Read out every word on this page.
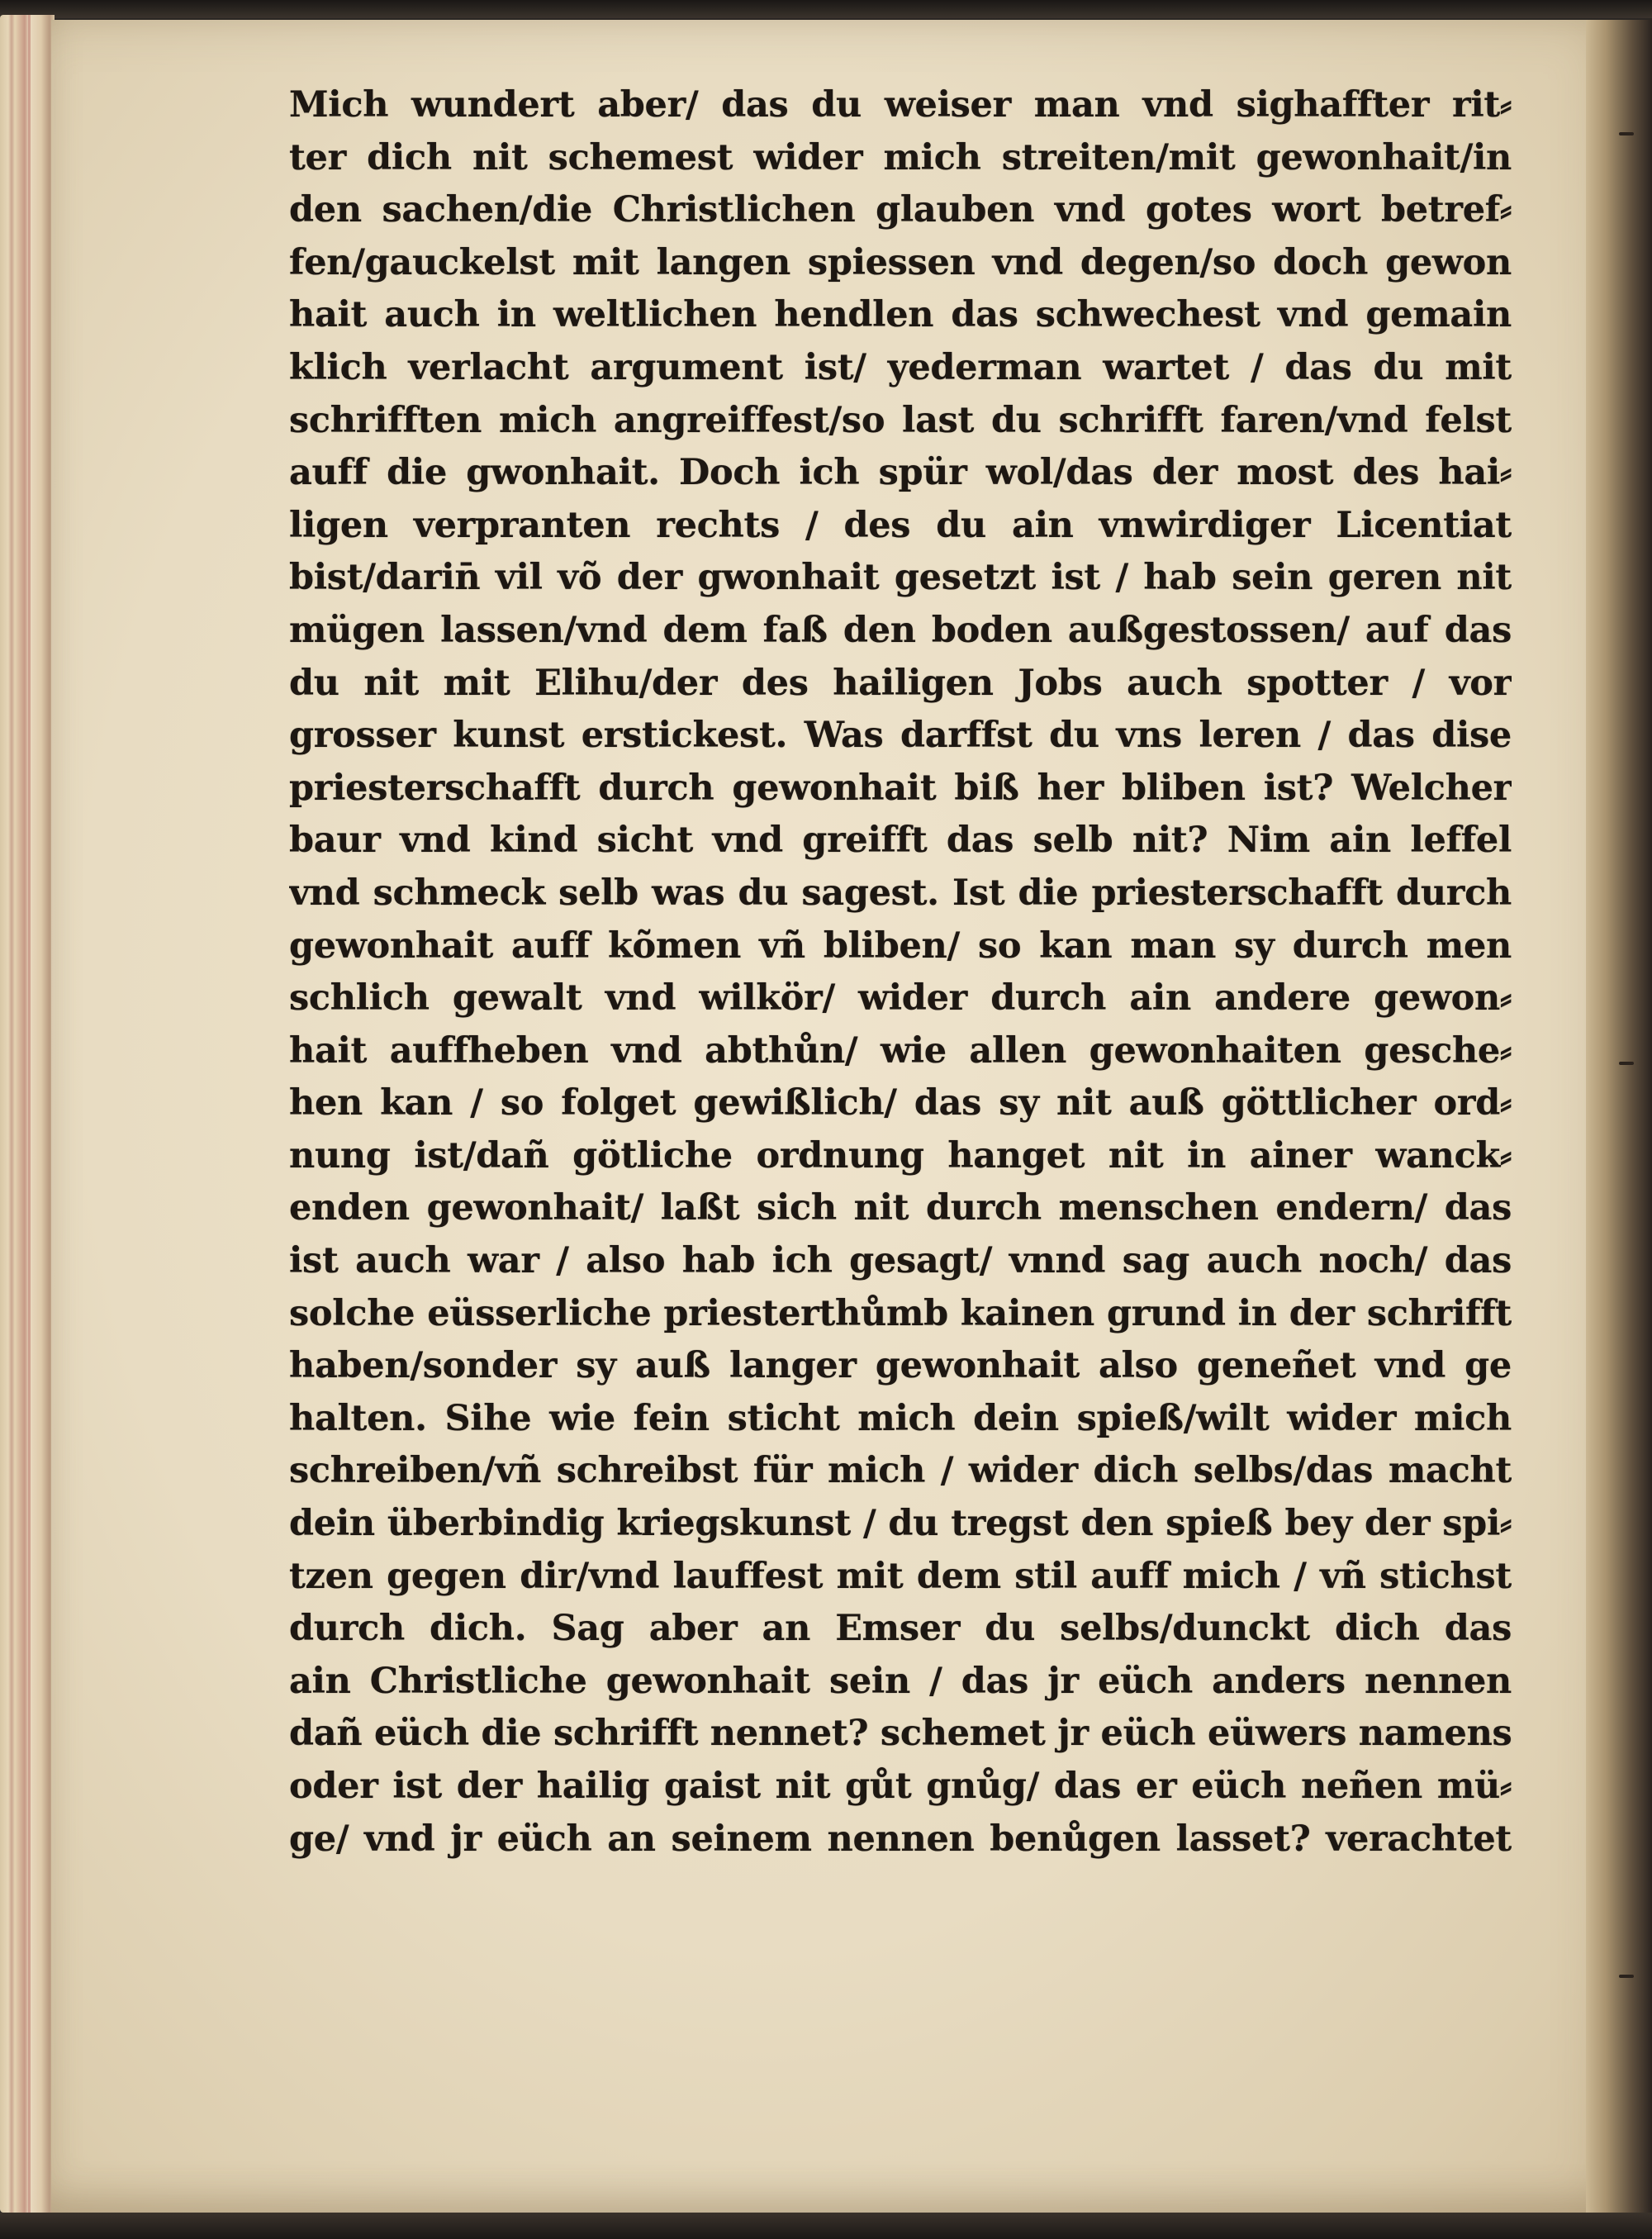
Mich wundert aber/ das du weiser man vnd sighaffter rit⸗
ter dich nit schemest wider mich streiten/mit gewonhait/in
den sachen/die Christlichen glauben vnd gotes wort betref⸗
fen/gauckelst mit langen spiessen vnd degen/so doch gewon
hait auch in weltlichen hendlen das schwechest vnd gemain
klich verlacht argument ist/ yederman wartet / das du mit
schrifften mich angreiffest/so last du schrifft faren/vnd felst
auff die gwonhait. Doch ich spür wol/das der most des hai⸗
ligen verpranten rechts / des du ain vnwirdiger Licentiat
bist/darin̄ vil võ der gwonhait gesetzt ist / hab sein geren nit
mügen lassen/vnd dem faß den boden außgestossen/ auf das
du nit mit Elihu/der des hailigen Jobs auch spotter / vor
grosser kunst erstickest. Was darffst du vns leren / das dise
priesterschafft durch gewonhait biß her bliben ist? Welcher
baur vnd kind sicht vnd greifft das selb nit? Nim ain leffel
vnd schmeck selb was du sagest. Ist die priesterschafft durch
gewonhait auff kõmen vñ bliben/ so kan man sy durch men
schlich gewalt vnd wilkör/ wider durch ain andere gewon⸗
hait auffheben vnd abthůn/ wie allen gewonhaiten gesche⸗
hen kan / so folget gewißlich/ das sy nit auß göttlicher ord⸗
nung ist/dañ götliche ordnung hanget nit in ainer wanck⸗
enden gewonhait/ laßt sich nit durch menschen endern/ das
ist auch war / also hab ich gesagt/ vnnd sag auch noch/ das
solche eüsserliche priesterthůmb kainen grund in der schrifft
haben/sonder sy auß langer gewonhait also geneñet vnd ge
halten. Sihe wie fein sticht mich dein spieß/wilt wider mich
schreiben/vñ schreibst für mich / wider dich selbs/das macht
dein überbindig kriegskunst / du tregst den spieß bey der spi⸗
tzen gegen dir/vnd lauffest mit dem stil auff mich / vñ stichst
durch dich. Sag aber an Emser du selbs/dunckt dich das
ain Christliche gewonhait sein / das jr eüch anders nennen
dañ eüch die schrifft nennet? schemet jr eüch eüwers namens
oder ist der hailig gaist nit gůt gnůg/ das er eüch neñen mü⸗
ge/ vnd jr eüch an seinem nennen benůgen lasset? verachtet
